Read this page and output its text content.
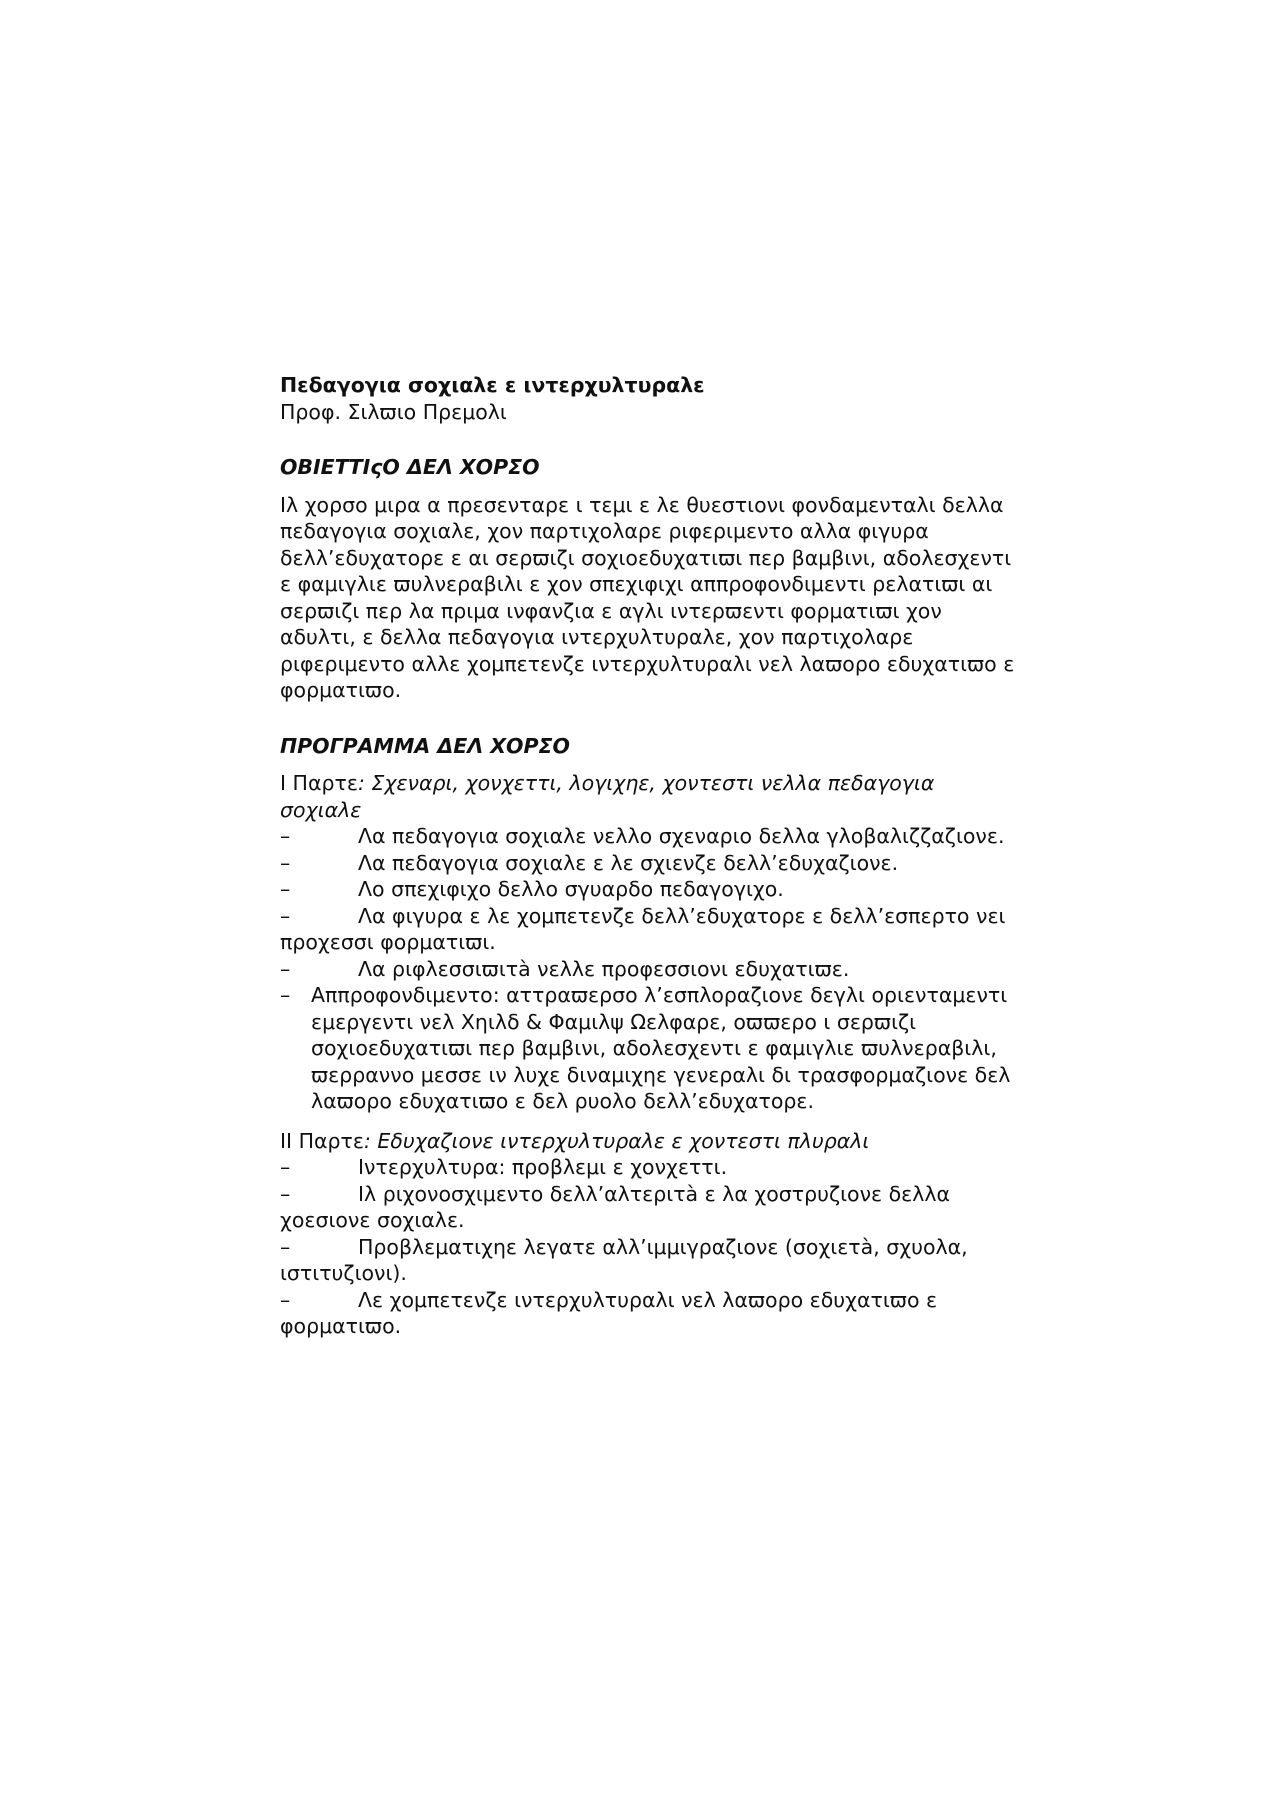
Πεδαγογια σοχιαλε ε ιντερχυλτυραλε

Προφ. Σιλϖιο Πρεμολι

ΟΒΙΕΤΤΙςΟ ΔΕΛ ΧΟΡΣΟ

Ιλ χορσο μιρα α πρεσενταρε ι τεμι ε λε θυεστιονι φονδαμενταλι δελλα πεδαγογια σοχιαλε, χον παρτιχολαρε ριφεριμεντο αλλα φιγυρα δελλ’εδυχατορε ε αι σερϖιζι σοχιοεδυχατιϖι περ βαμβινι, αδολεσχεντι ε φαμιγλιε ϖυλνεραβιλι ε χον σπεχιφιχι αππροφονδιμεντι ρελατιϖι αι σερϖιζι περ λα πριμα ινφανζια ε αγλι ιντερϖεντι φορματιϖι χον αδυλτι, ε δελλα πεδαγογια ιντερχυλτυραλε, χον παρτιχολαρε ριφεριμεντο αλλε χομπετενζε ιντερχυλτυραλι νελ λαϖορο εδυχατιϖο ε φορματιϖο.

ΠΡΟΓΡΑΜΜΑ ΔΕΛ ΧΟΡΣΟ

I Παρτε: Σχεναρι, χονχεττι, λογιχηε, χοντεστι νελλα πεδαγογια σοχιαλε

–	Λα πεδαγογια σοχιαλε νελλο σχεναριο δελλα γλοβαλιζζαζιονε.

–	Λα πεδαγογια σοχιαλε ε λε σχιενζε δελλ’εδυχαζιονε.

–	Λο σπεχιφιχο δελλο σγυαρδο πεδαγογιχο.

–	Λα φιγυρα ε λε χομπετενζε δελλ’εδυχατορε ε δελλ’εσπερτο νει προχεσσι φορματιϖι.

–	Λα ριφλεσσιϖιτà νελλε προφεσσιονι εδυχατιϖε.

– Αππροφονδιμεντο: αττραϖερσο λ’εσπλοραζιονε δεγλι οριενταμεντι εμεργεντι νελ Χηιλδ & Φαμιλψ Ωελφαρε, οϖϖερο ι σερϖιζι σοχιοεδυχατιϖι περ βαμβινι, αδολεσχεντι ε φαμιγλιε ϖυλνεραβιλι, ϖερραννο μεσσε ιν λυχε διναμιχηε γενεραλι δι τρασφορμαζιονε δελ λαϖορο εδυχατιϖο ε δελ ρυολο δελλ’εδυχατορε.

II Παρτε: Εδυχαζιονε ιντερχυλτυραλε ε χοντεστι πλυραλι

–	Ιντερχυλτυρα: προβλεμι ε χονχεττι.

–	Ιλ ριχονοσχιμεντο δελλ’αλτεριτà ε λα χοστρυζιονε δελλα χοεσιονε σοχιαλε.

–	Προβλεματιχηε λεγατε αλλ’ιμμιγραζιονε (σοχιετà, σχυολα, ιστιτυζιονι).

–	Λε χομπετενζε ιντερχυλτυραλι νελ λαϖορο εδυχατιϖο ε φορματιϖο.
